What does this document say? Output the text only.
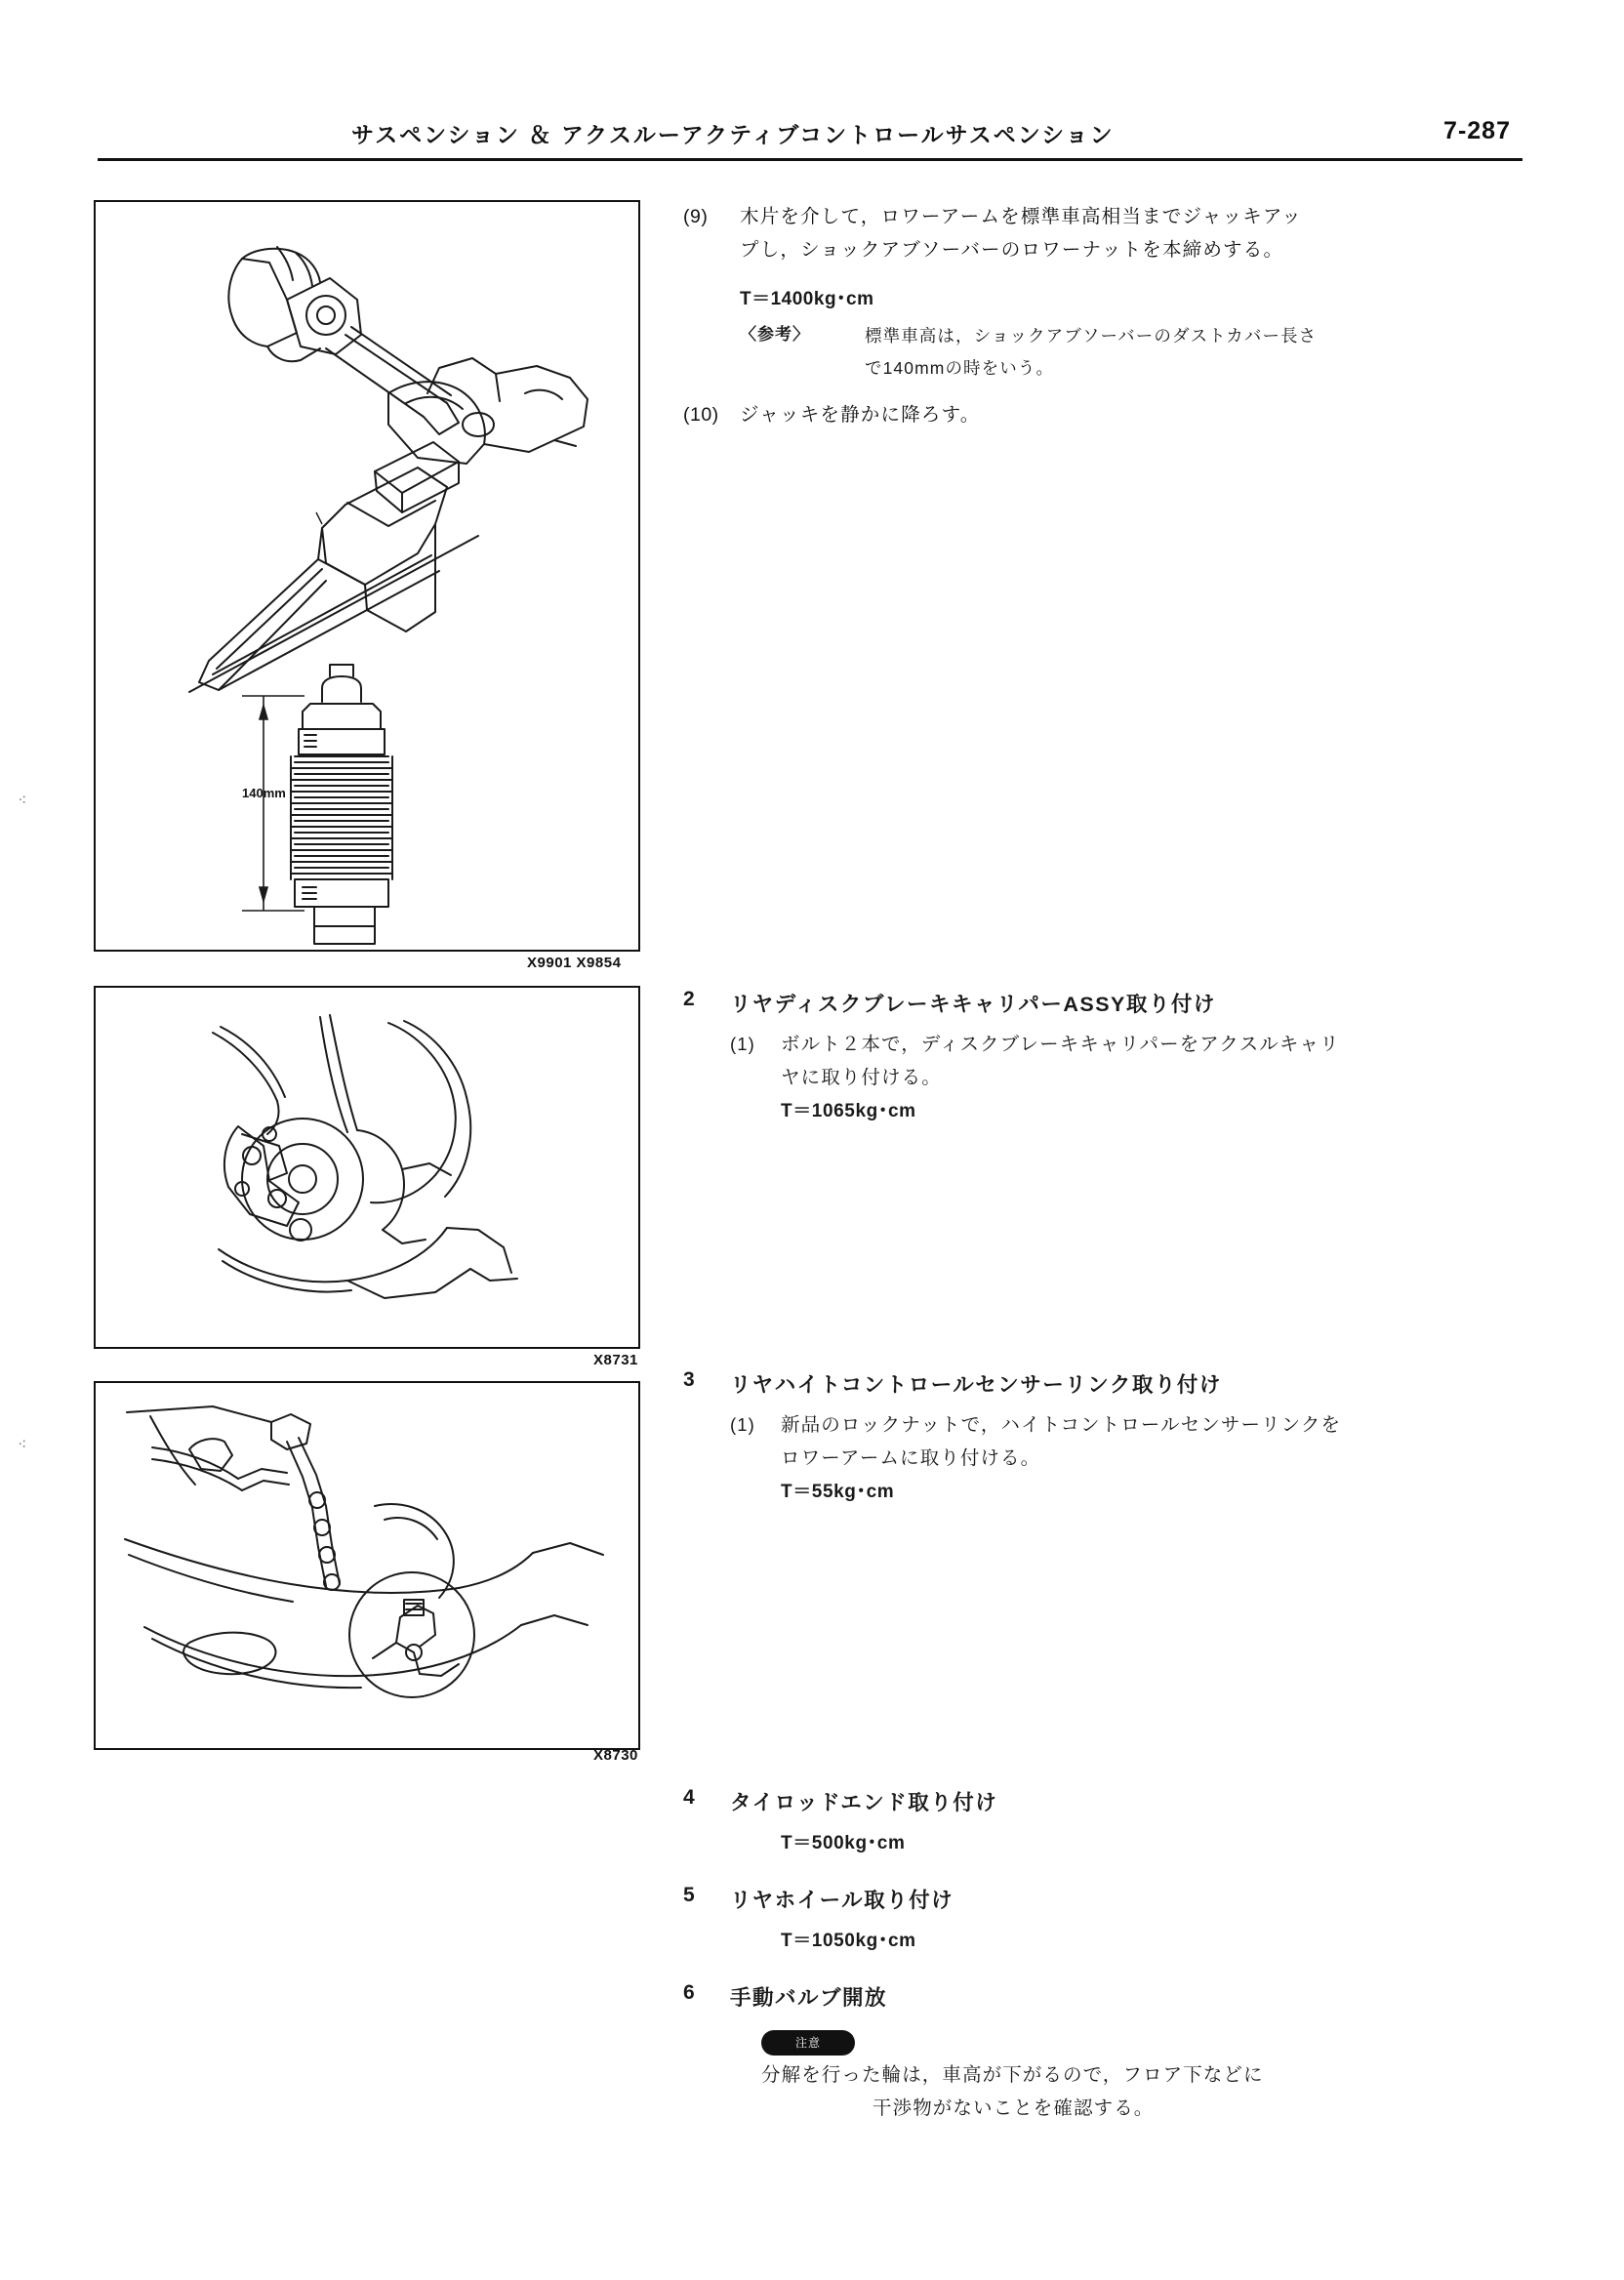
サスペンション ＆ アクスルーアクティブコントロールサスペンション	7-287
⁖
⁖
140mm
X9901 X9854
X8731
X8730
(9) 木片を介して，ロワーアームを標準車高相当までジャッキアッ
プし，ショックアブソーバーのロワーナットを本締めする。
T＝1400kg･cm
〈参考〉	標準車高は，ショックアブソーバーのダストカバー長さ
で140mmの時をいう。
(10) ジャッキを静かに降ろす。
2 リヤディスクブレーキキャリパーASSY取り付け
(1) ボルト２本で，ディスクブレーキキャリパーをアクスルキャリ
ヤに取り付ける。
T＝1065kg･cm
3 リヤハイトコントロールセンサーリンク取り付け
(1) 新品のロックナットで，ハイトコントロールセンサーリンクを
ロワーアームに取り付ける。
T＝55kg･cm
4 タイロッドエンド取り付け
T＝500kg･cm
5 リヤホイール取り付け
T＝1050kg･cm
6 手動バルブ開放
注意 分解を行った輪は，車高が下がるので，フロア下などに
干渉物がないことを確認する。
